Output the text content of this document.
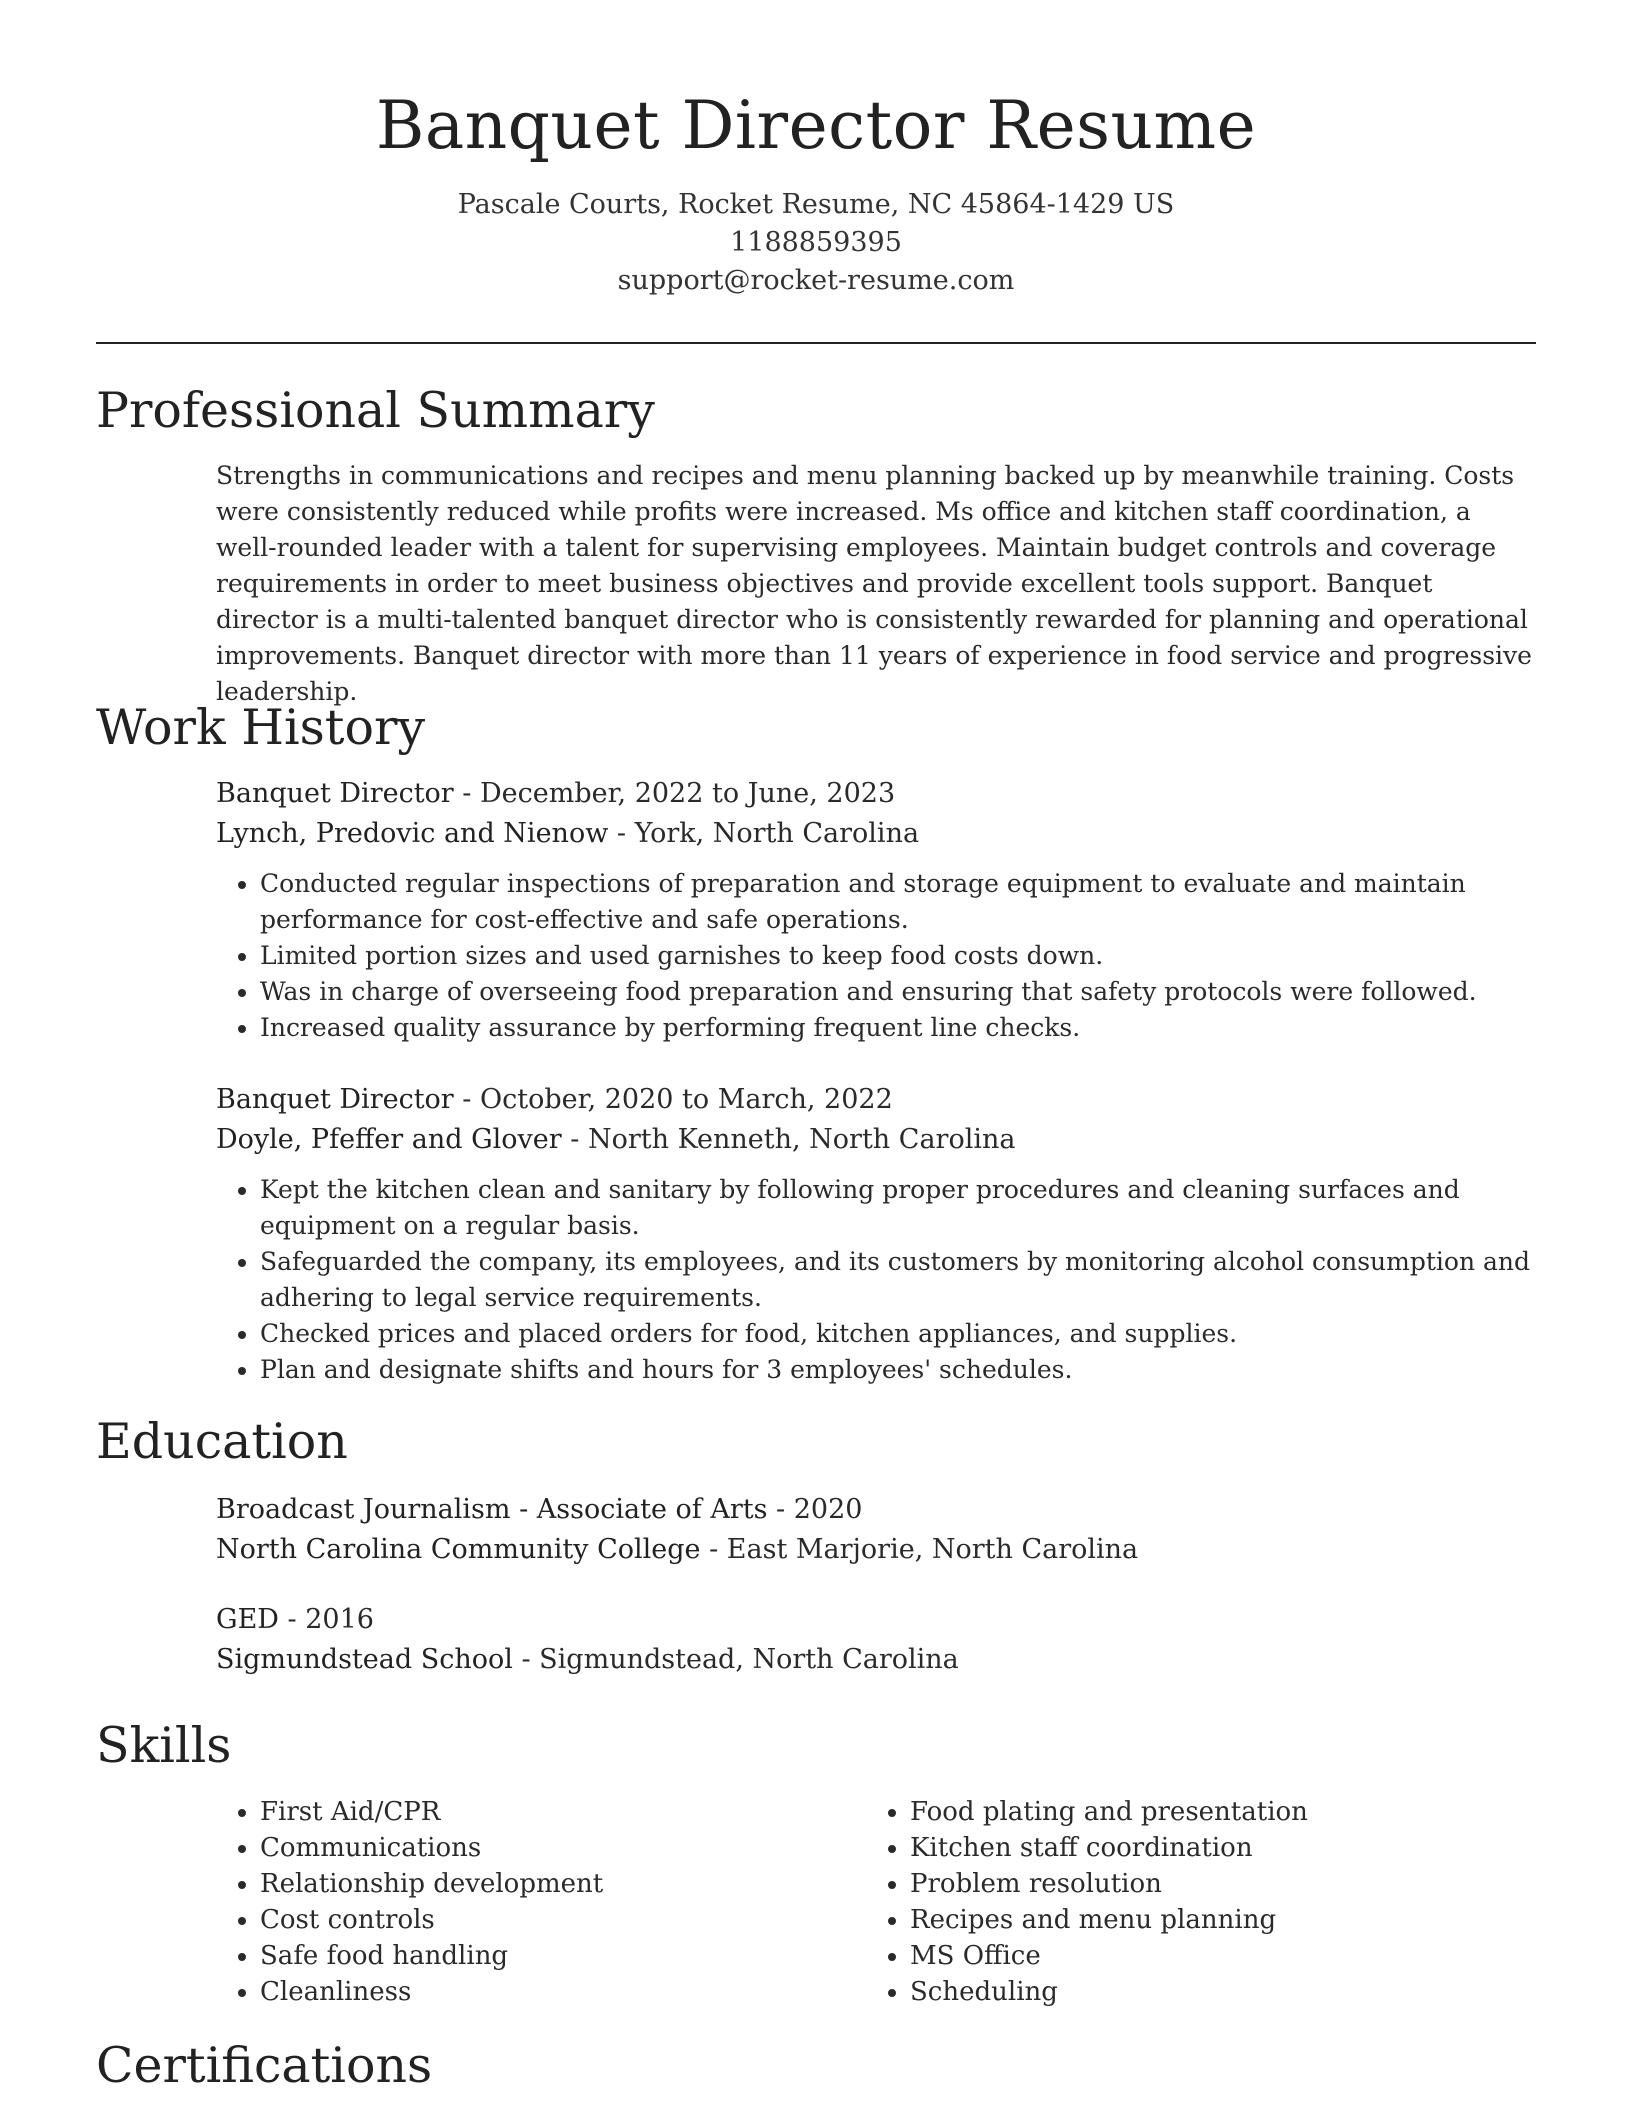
Banquet Director Resume
Pascale Courts, Rocket Resume, NC 45864-1429 US
1188859395
support@rocket-resume.com
Professional Summary

Strengths in communications and recipes and menu planning backed up by meanwhile training. Costs were consistently reduced while profits were increased. Ms office and kitchen staff coordination, a well-rounded leader with a talent for supervising employees. Maintain budget controls and coverage requirements in order to meet business objectives and provide excellent tools support. Banquet director is a multi-talented banquet director who is consistently rewarded for planning and operational improvements. Banquet director with more than 11 years of experience in food service and progressive leadership.

Work History
Banquet Director - December, 2022 to June, 2023
Lynch, Predovic and Nienow - York, North Carolina
• Conducted regular inspections of preparation and storage equipment to evaluate and maintain performance for cost-effective and safe operations.
• Limited portion sizes and used garnishes to keep food costs down.
• Was in charge of overseeing food preparation and ensuring that safety protocols were followed.
• Increased quality assurance by performing frequent line checks.
Banquet Director - October, 2020 to March, 2022
Doyle, Pfeffer and Glover - North Kenneth, North Carolina
• Kept the kitchen clean and sanitary by following proper procedures and cleaning surfaces and equipment on a regular basis.
• Safeguarded the company, its employees, and its customers by monitoring alcohol consumption and adhering to legal service requirements.
• Checked prices and placed orders for food, kitchen appliances, and supplies.
• Plan and designate shifts and hours for 3 employees' schedules.
Education
Broadcast Journalism - Associate of Arts - 2020
North Carolina Community College - East Marjorie, North Carolina
GED - 2016
Sigmundstead School - Sigmundstead, North Carolina
Skills
• First Aid/CPR
• Communications
• Relationship development
• Cost controls
• Safe food handling
• Cleanliness
• Food plating and presentation
• Kitchen staff coordination
• Problem resolution
• Recipes and menu planning
• MS Office
• Scheduling
Certifications
